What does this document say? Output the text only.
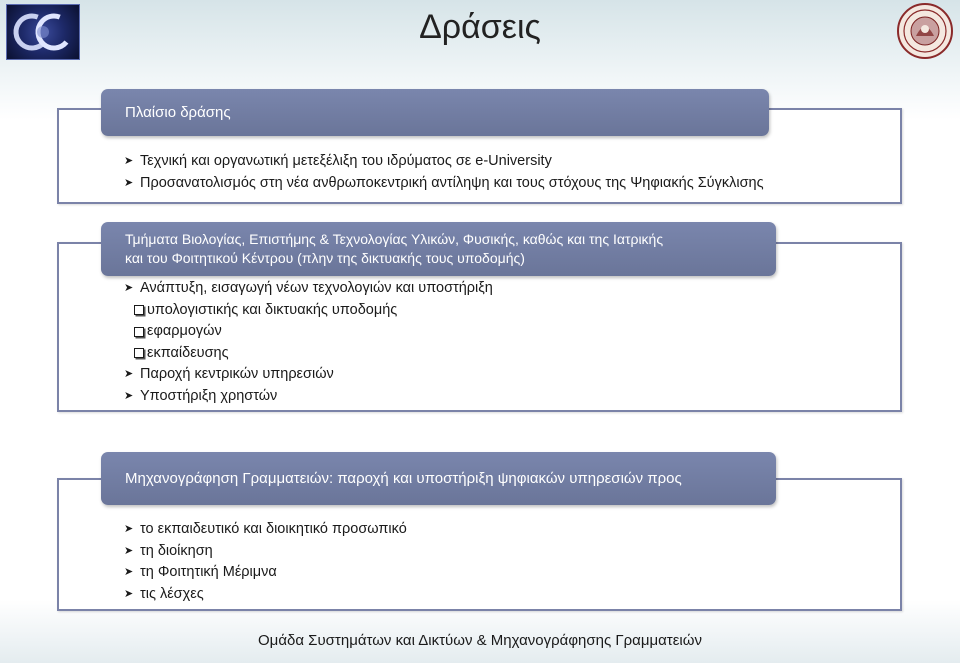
Δράσεις
Πλαίσιο δράσης
➤ Τεχνική και οργανωτική μετεξέλιξη του ιδρύματος σε e-University
➤ Προσανατολισμός στη νέα ανθρωποκεντρική αντίληψη και τους στόχους της Ψηφιακής Σύγκλισης
Τμήματα Βιολογίας, Επιστήμης & Τεχνολογίας Υλικών, Φυσικής, καθώς και της Ιατρικής
και του Φοιτητικού Κέντρου (πλην της δικτυακής τους υποδομής)
➤ Ανάπτυξη, εισαγωγή νέων τεχνολογιών και υποστήριξη
υπολογιστικής και δικτυακής υποδομής
εφαρμογών
εκπαίδευσης
➤ Παροχή κεντρικών υπηρεσιών
➤ Υποστήριξη χρηστών
Μηχανογράφηση Γραμματειών: παροχή και υποστήριξη ψηφιακών υπηρεσιών προς
➤ το εκπαιδευτικό και διοικητικό προσωπικό
➤ τη διοίκηση
➤ τη Φοιτητική Μέριμνα
➤ τις λέσχες
Ομάδα Συστημάτων και Δικτύων & Μηχανογράφησης Γραμματειών
